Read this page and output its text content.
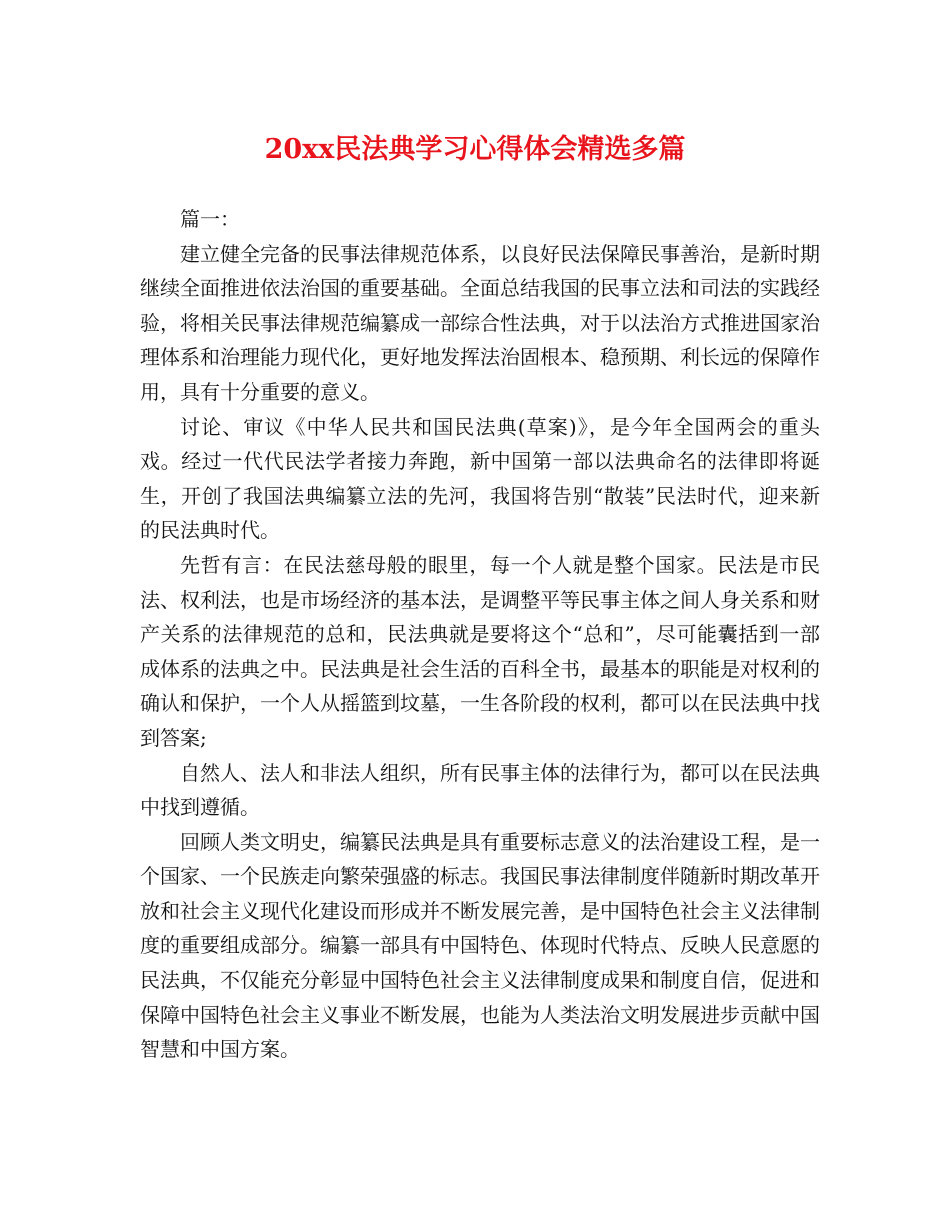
20xx民法典学习心得体会精选多篇

篇一：

建立健全完备的民事法律规范体系，以良好民法保障民事善治，是新时期继续全面推进依法治国的重要基础。全面总结我国的民事立法和司法的实践经验，将相关民事法律规范编纂成一部综合性法典，对于以法治方式推进国家治理体系和治理能力现代化，更好地发挥法治固根本、稳预期、利长远的保障作用，具有十分重要的意义。

讨论、审议《中华人民共和国民法典(草案)》，是今年全国两会的重头戏。经过一代代民法学者接力奔跑，新中国第一部以法典命名的法律即将诞生，开创了我国法典编纂立法的先河，我国将告别“散装”民法时代，迎来新的民法典时代。

先哲有言：在民法慈母般的眼里，每一个人就是整个国家。民法是市民法、权利法，也是市场经济的基本法，是调整平等民事主体之间人身关系和财产关系的法律规范的总和，民法典就是要将这个“总和”，尽可能囊括到一部成体系的法典之中。民法典是社会生活的百科全书，最基本的职能是对权利的确认和保护，一个人从摇篮到坟墓，一生各阶段的权利，都可以在民法典中找到答案;

自然人、法人和非法人组织，所有民事主体的法律行为，都可以在民法典中找到遵循。

回顾人类文明史，编纂民法典是具有重要标志意义的法治建设工程，是一个国家、一个民族走向繁荣强盛的标志。我国民事法律制度伴随新时期改革开放和社会主义现代化建设而形成并不断发展完善，是中国特色社会主义法律制度的重要组成部分。编纂一部具有中国特色、体现时代特点、反映人民意愿的民法典，不仅能充分彰显中国特色社会主义法律制度成果和制度自信，促进和保障中国特色社会主义事业不断发展，也能为人类法治文明发展进步贡献中国智慧和中国方案。
